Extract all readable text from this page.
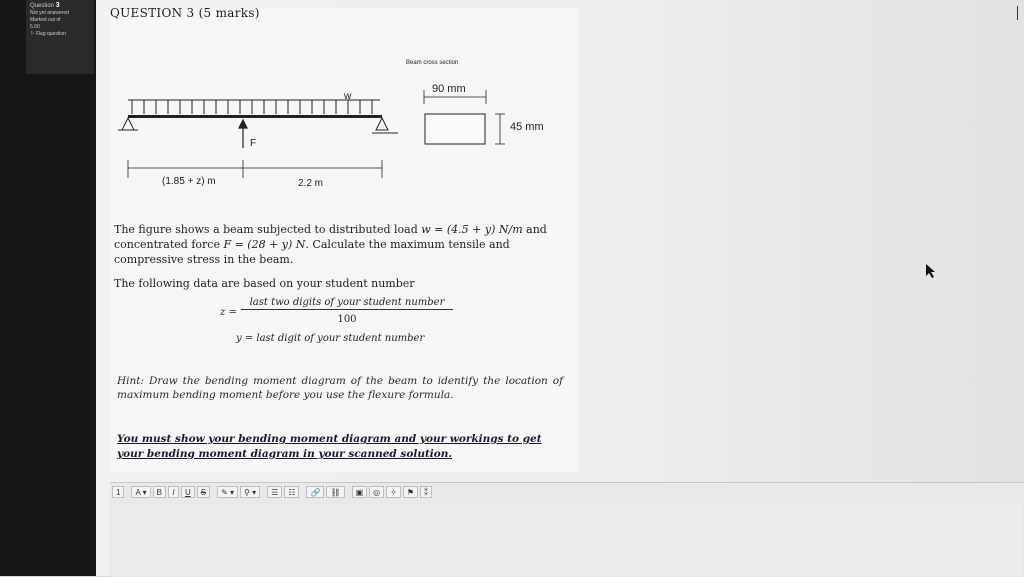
Question 3
Not yet answered
Marked out of
5.00
⚐ Flag question
QUESTION 3 (5 marks)
w
F
(1.85 + z) m	2.2 m
Beam cross section
90 mm
45 mm
The figure shows a beam subjected to distributed load w = (4.5 + y) N/m and concentrated force F = (28 + y) N. Calculate the maximum tensile and compressive stress in the beam.
The following data are based on your student number
z =
last two digits of your student number
100
y = last digit of your student number
Hint: Draw the bending moment diagram of the beam to identify the location of maximum bending moment before you use the flexure formula.
You must show your bending moment diagram and your workings to get your bending moment diagram in your scanned solution.
1	A ▾	B	I	U	S	✎ ▾	⚲ ▾	☰	☷	🔗	⛓	▣	◎	✧	⚑	⁑
